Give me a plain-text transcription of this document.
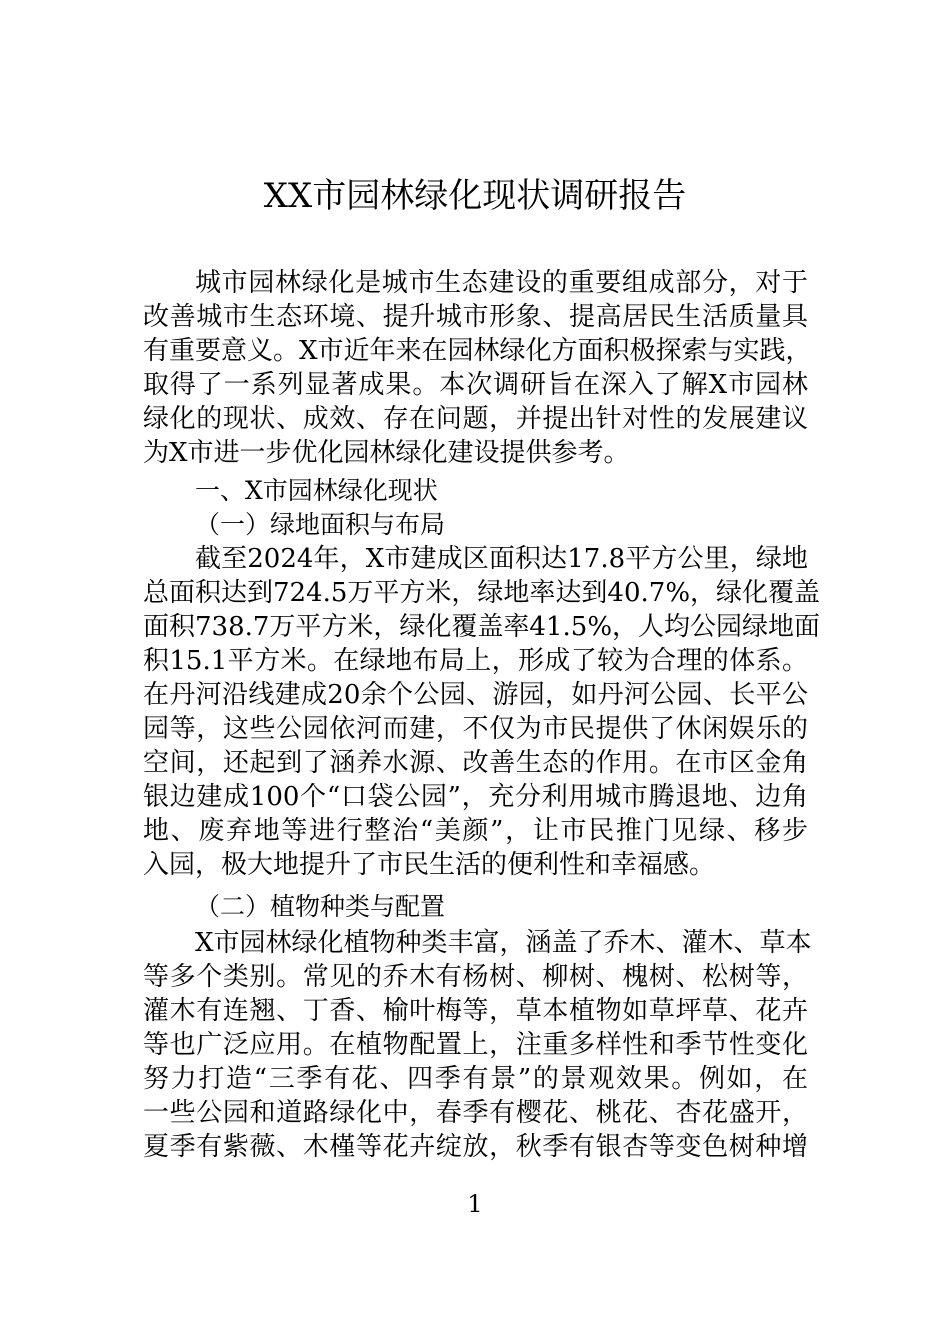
XX市园林绿化现状调研报告
城市园林绿化是城市生态建设的重要组成部分，对于
改善城市生态环境、提升城市形象、提高居民生活质量具
有重要意义。X市近年来在园林绿化方面积极探索与实践，
取得了一系列显著成果。本次调研旨在深入了解X市园林
绿化的现状、成效、存在问题，并提出针对性的发展建议
为X市进一步优化园林绿化建设提供参考。
一、X市园林绿化现状
（一）绿地面积与布局
截至2024年，X市建成区面积达17.8平方公里，绿地
总面积达到724.5万平方米，绿地率达到40.7%，绿化覆盖
面积738.7万平方米，绿化覆盖率41.5%，人均公园绿地面
积15.1平方米。在绿地布局上，形成了较为合理的体系。
在丹河沿线建成20余个公园、游园，如丹河公园、长平公
园等，这些公园依河而建，不仅为市民提供了休闲娱乐的
空间，还起到了涵养水源、改善生态的作用。在市区金角
银边建成100个“口袋公园”，充分利用城市腾退地、边角
地、废弃地等进行整治“美颜”，让市民推门见绿、移步
入园，极大地提升了市民生活的便利性和幸福感。
（二）植物种类与配置
X市园林绿化植物种类丰富，涵盖了乔木、灌木、草本
等多个类别。常见的乔木有杨树、柳树、槐树、松树等，
灌木有连翘、丁香、榆叶梅等，草本植物如草坪草、花卉
等也广泛应用。在植物配置上，注重多样性和季节性变化
努力打造“三季有花、四季有景”的景观效果。例如，在
一些公园和道路绿化中，春季有樱花、桃花、杏花盛开，
夏季有紫薇、木槿等花卉绽放，秋季有银杏等变色树种增
1
